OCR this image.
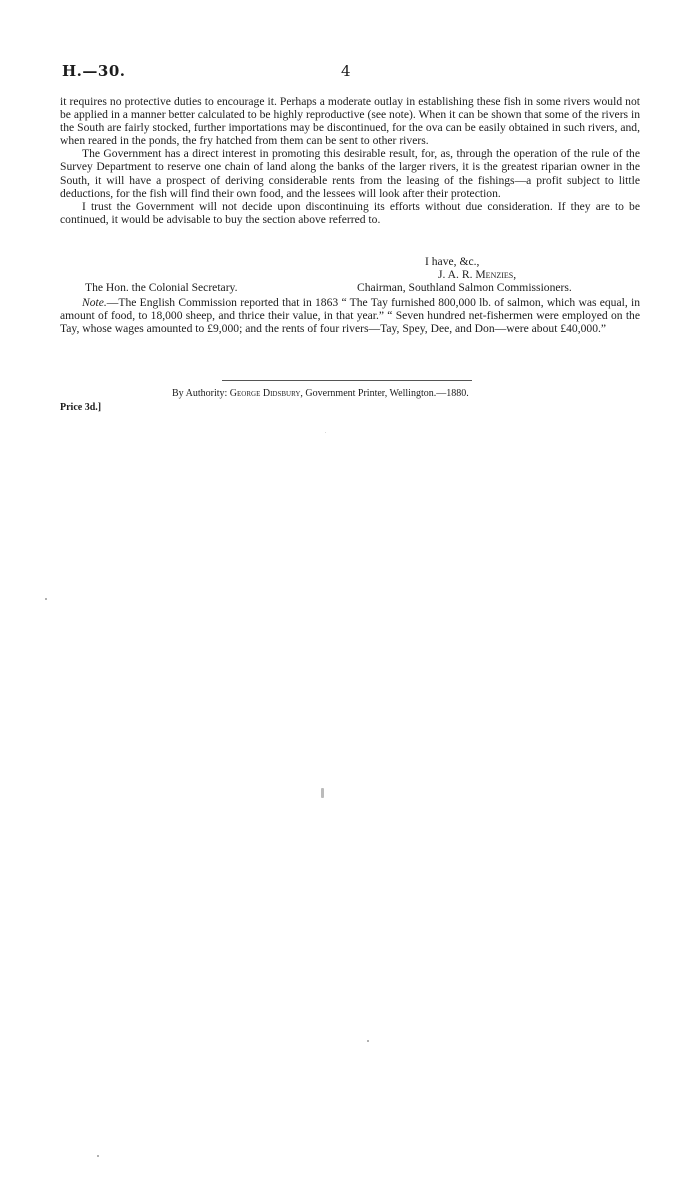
H.—30.	4

it requires no protective duties to encourage it. Perhaps a moderate outlay in establishing these fish in some rivers would not be applied in a manner better calculated to be highly reproductive (see note). When it can be shown that some of the rivers in the South are fairly stocked, further importations may be discontinued, for the ova can be easily obtained in such rivers, and, when reared in the ponds, the fry hatched from them can be sent to other rivers.

The Government has a direct interest in promoting this desirable result, for, as, through the operation of the rule of the Survey Department to reserve one chain of land along the banks of the larger rivers, it is the greatest riparian owner in the South, it will have a prospect of deriving considerable rents from the leasing of the fishings—a profit subject to little deductions, for the fish will find their own food, and the lessees will look after their protection.

I trust the Government will not decide upon discontinuing its efforts without due consideration. If they are to be continued, it would be advisable to buy the section above referred to.

I have, &c.,
J. A. R. Menzies,
The Hon. the Colonial Secretary.	Chairman, Southland Salmon Commissioners.
Note.—The English Commission reported that in 1863 “ The Tay furnished 800,000 lb. of salmon, which was equal, in amount of food, to 18,000 sheep, and thrice their value, in that year.” “ Seven hundred net-fishermen were employed on the Tay, whose wages amounted to £9,000; and the rents of four rivers—Tay, Spey, Dee, and Don—were about £40,000.”
By Authority: George Didsbury, Government Printer, Wellington.—1880.
Price 3d.]
